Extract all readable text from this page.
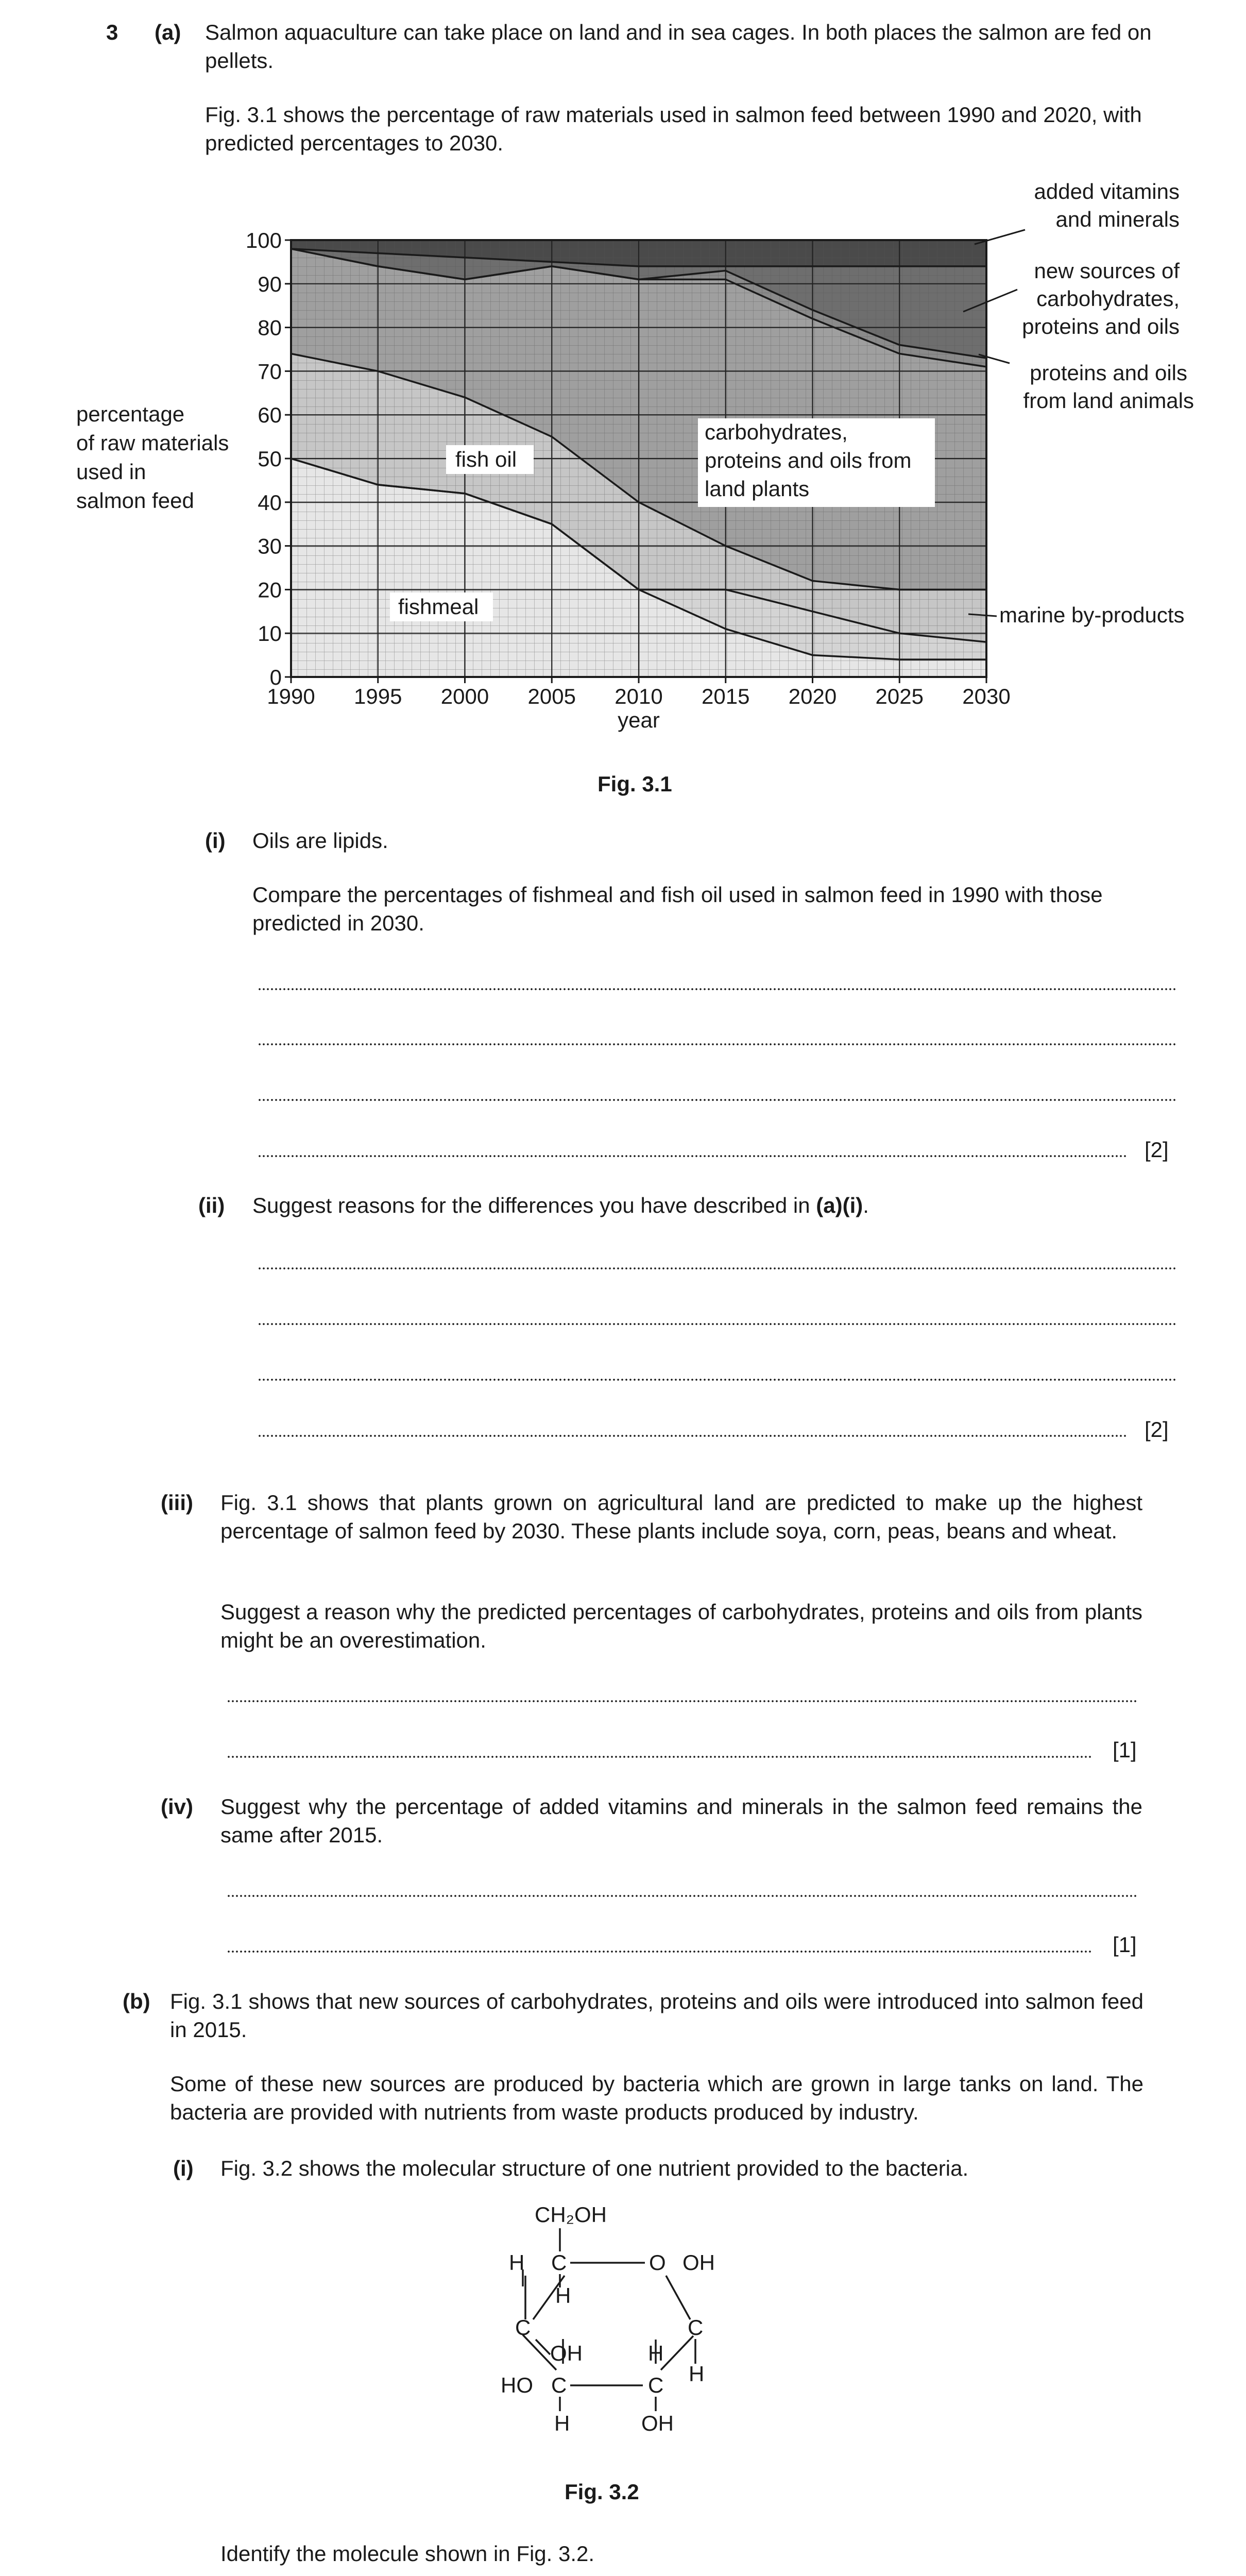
3 (a) Salmon aquaculture can take place on land and in sea cages. In both places the salmon are fed on pellets.
Fig. 3.1 shows the percentage of raw materials used in salmon feed between 1990 and 2020, with predicted percentages to 2030.
0
10
20
30
40
50
60
70
80
90
100
1990 1995 2000 2005 2010 2015 2020 2025 2030
percentage
of raw materials
used in
salmon feed
year
fish oil
fishmeal
carbohydrates,
proteins and oils from
land plants
added vitamins
and minerals
new sources of
carbohydrates,
proteins and oils
proteins and oils
from land animals
marine by-products
Fig. 3.1
(i) Oils are lipids.
Compare the percentages of fishmeal and fish oil used in salmon feed in 1990 with those predicted in 2030.
[2]
(ii) Suggest reasons for the differences you have described in (a)(i).
[2]
(iii) Fig. 3.1 shows that plants grown on agricultural land are predicted to make up the highest percentage of salmon feed by 2030. These plants include soya, corn, peas, beans and wheat.
Suggest a reason why the predicted percentages of carbohydrates, proteins and oils from plants might be an overestimation.
[1]
(iv) Suggest why the percentage of added vitamins and minerals in the salmon feed remains the same after 2015.
[1]
(b) Fig. 3.1 shows that new sources of carbohydrates, proteins and oils were introduced into salmon feed in 2015.
Some of these new sources are produced by bacteria which are grown in large tanks on land. The bacteria are provided with nutrients from waste products produced by industry.
(i) Fig. 3.2 shows the molecular structure of one nutrient provided to the bacteria.
CH₂OH
H C	O OH
H
C	C
OH	H
HO C	C H
H	OH
Fig. 3.2
Identify the molecule shown in Fig. 3.2.
